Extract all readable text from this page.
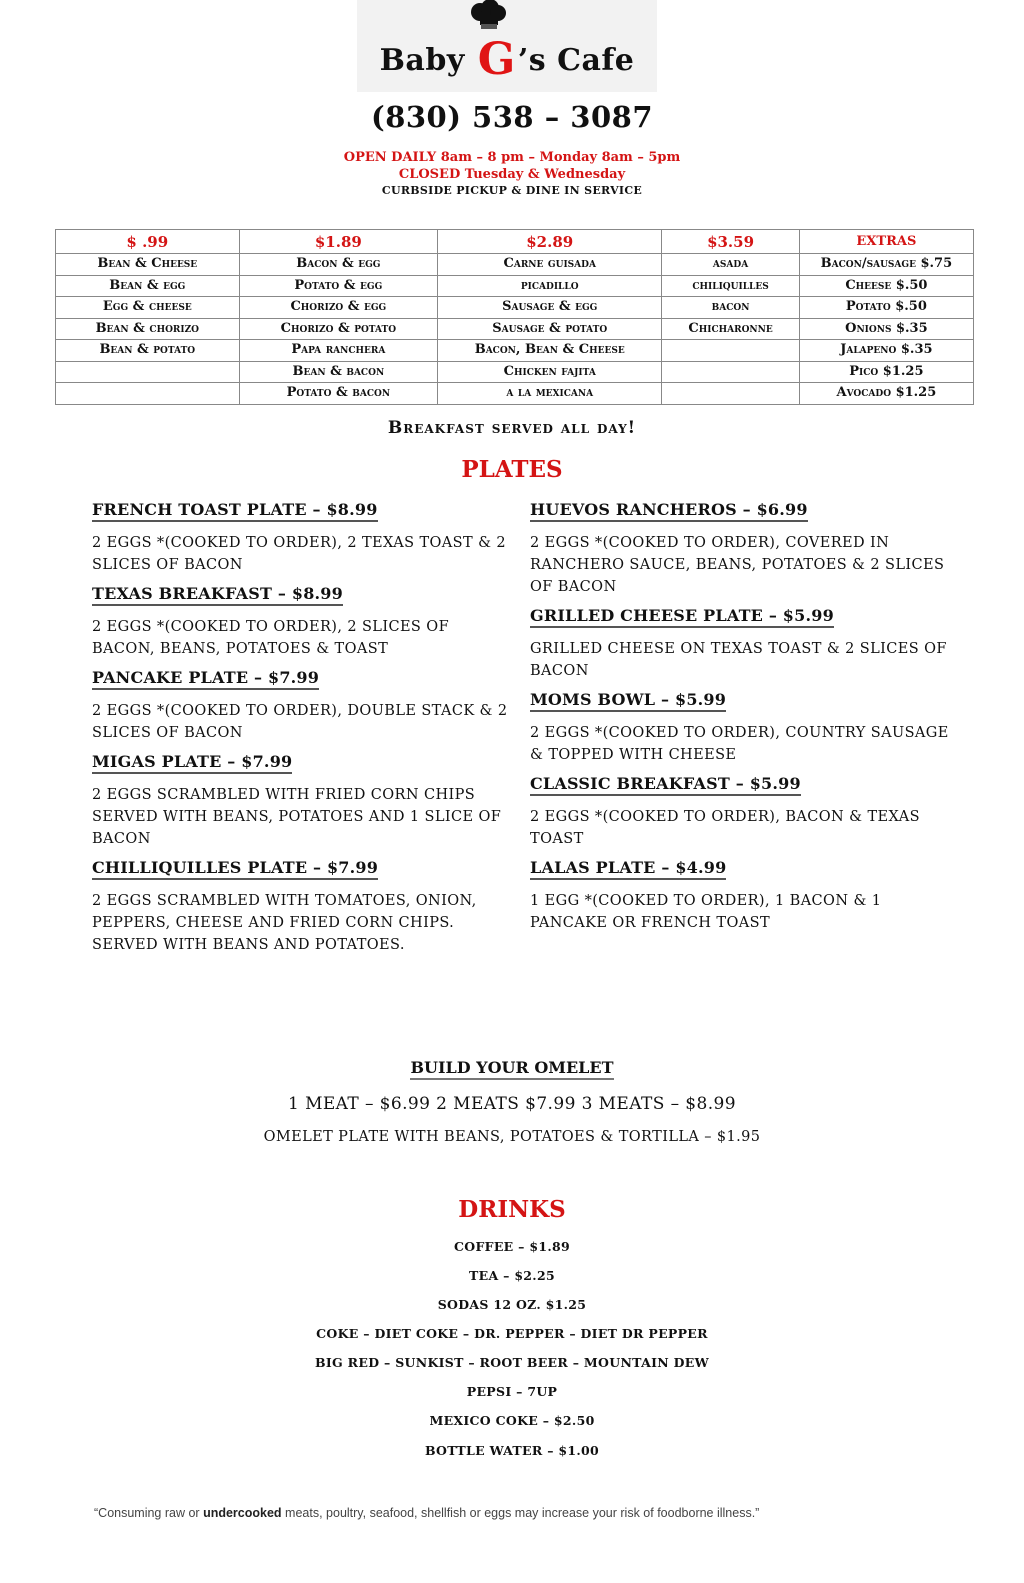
Baby G’s Cafe
(830) 538 – 3087
OPEN DAILY 8am – 8 pm – Monday 8am – 5pm
CLOSED Tuesday & Wednesday
CURBSIDE PICKUP & DINE IN SERVICE
$ .99	$1.89	$2.89	$3.59	EXTRAS
Bean & Cheese	Bacon & egg	Carne guisada	asada	Bacon/sausage $.75
Bean & egg	Potato & egg	picadillo	chiliquilles	Cheese $.50
Egg & cheese	Chorizo & egg	Sausage & egg	bacon	Potato $.50
Bean & chorizo	Chorizo & potato	Sausage & potato	Chicharonne	Onions $.35
Bean & potato	Papa ranchera	Bacon, Bean & Cheese		Jalapeno $.35
	Bean & bacon	Chicken fajita		Pico $1.25
	Potato & bacon	a la mexicana		Avocado $1.25
Breakfast served all day!
PLATES
FRENCH TOAST PLATE – $8.99
2 EGGS *(COOKED TO ORDER), 2 TEXAS TOAST & 2 SLICES OF BACON
TEXAS BREAKFAST – $8.99
2 EGGS *(COOKED TO ORDER), 2 SLICES OF BACON, BEANS, POTATOES & TOAST
PANCAKE PLATE – $7.99
2 EGGS *(COOKED TO ORDER), DOUBLE STACK & 2 SLICES OF BACON
MIGAS PLATE – $7.99
2 EGGS SCRAMBLED WITH FRIED CORN CHIPS SERVED WITH BEANS, POTATOES AND 1 SLICE OF BACON
CHILLIQUILLES PLATE – $7.99
2 EGGS SCRAMBLED WITH TOMATOES, ONION, PEPPERS, CHEESE AND FRIED CORN CHIPS. SERVED WITH BEANS AND POTATOES.
HUEVOS RANCHEROS – $6.99
2 EGGS *(COOKED TO ORDER), COVERED IN RANCHERO SAUCE, BEANS, POTATOES & 2 SLICES OF BACON
GRILLED CHEESE PLATE – $5.99
GRILLED CHEESE ON TEXAS TOAST & 2 SLICES OF BACON
MOMS BOWL – $5.99
2 EGGS *(COOKED TO ORDER), COUNTRY SAUSAGE & TOPPED WITH CHEESE
CLASSIC BREAKFAST – $5.99
2 EGGS *(COOKED TO ORDER), BACON & TEXAS TOAST
LALAS PLATE – $4.99
1 EGG *(COOKED TO ORDER), 1 BACON & 1 PANCAKE OR FRENCH TOAST
BUILD YOUR OMELET
1 MEAT – $6.99 2 MEATS $7.99 3 MEATS – $8.99
OMELET PLATE WITH BEANS, POTATOES & TORTILLA – $1.95
DRINKS
COFFEE – $1.89
TEA – $2.25
SODAS 12 OZ. $1.25
COKE – DIET COKE – DR. PEPPER – DIET DR PEPPER
BIG RED – SUNKIST – ROOT BEER – MOUNTAIN DEW
PEPSI – 7UP
MEXICO COKE – $2.50
BOTTLE WATER – $1.00
“Consuming raw or undercooked meats, poultry, seafood, shellfish or eggs may increase your risk of foodborne illness.”
